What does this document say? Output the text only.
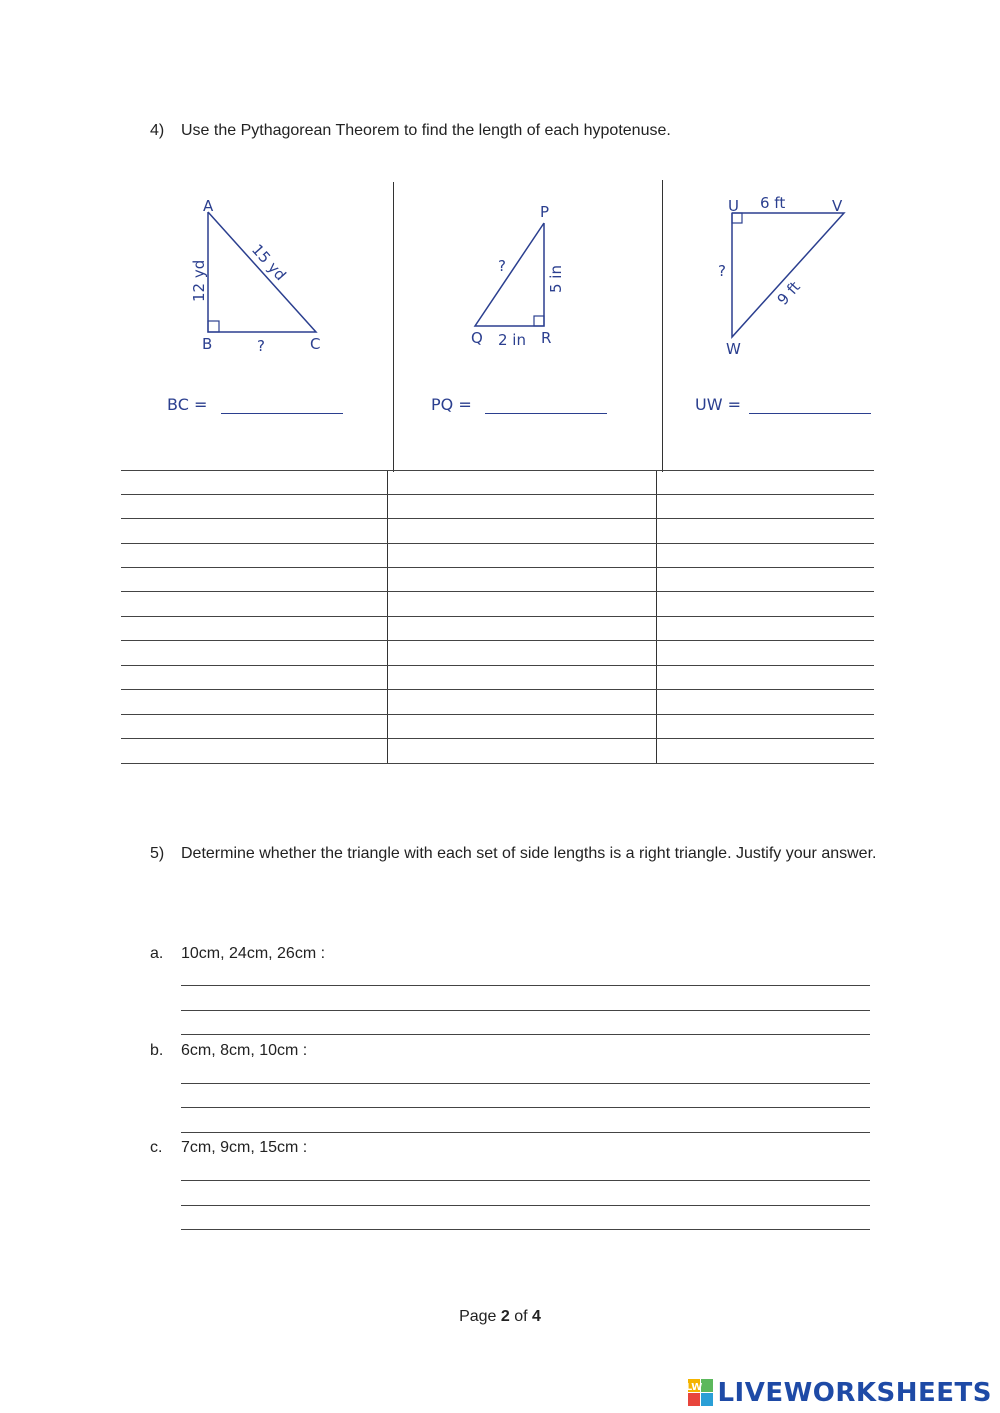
4) Use the Pythagorean Theorem to find the length of each hypotenuse.
A
B	C
?
12 yd	15 yd
P
Q	R
2 in
5 in
?
U	V
W
6 ft
?
9 ft
BC =	PQ =	UW =
5) Determine whether the triangle with each set of side lengths is a right triangle. Justify your answer.
a. 10cm, 24cm, 26cm :
b. 6cm, 8cm, 10cm :
c. 7cm, 9cm, 15cm :
Page 2 of 4
LW LIVEWORKSHEETS
